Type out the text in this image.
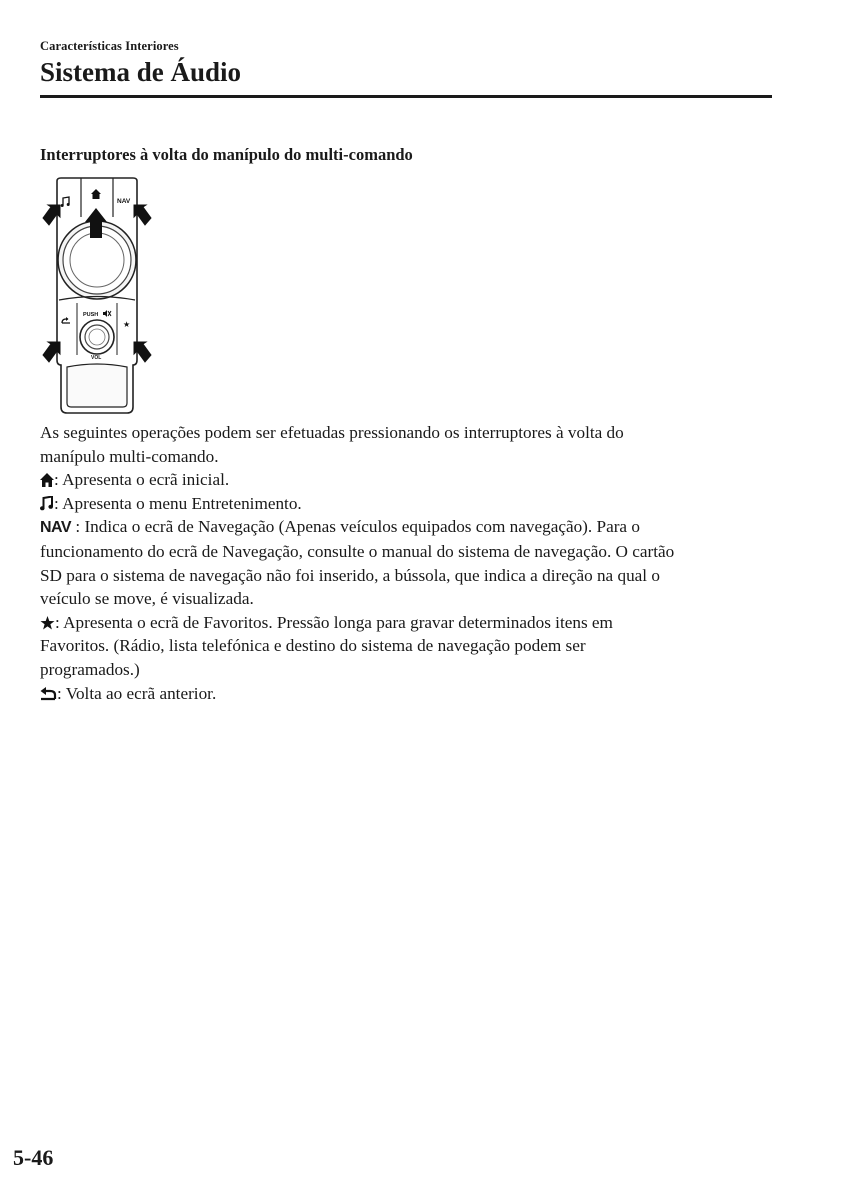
Características Interiores
Sistema de Áudio
Interruptores à volta do manípulo do multi-comando
NAV
★
PUSH
VOL

As seguintes operações podem ser efetuadas pressionando os interruptores à volta do

manípulo multi-comando.

: Apresenta o ecrã inicial.

: Apresenta o menu Entretenimento.

NAV : Indica o ecrã de Navegação (Apenas veículos equipados com navegação). Para o

funcionamento do ecrã de Navegação, consulte o manual do sistema de navegação. O cartão

SD para o sistema de navegação não foi inserido, a bússola, que indica a direção na qual o

veículo se move, é visualizada.

: Apresenta o ecrã de Favoritos. Pressão longa para gravar determinados itens em

Favoritos. (Rádio, lista telefónica e destino do sistema de navegação podem ser

programados.)

: Volta ao ecrã anterior.

5-46
